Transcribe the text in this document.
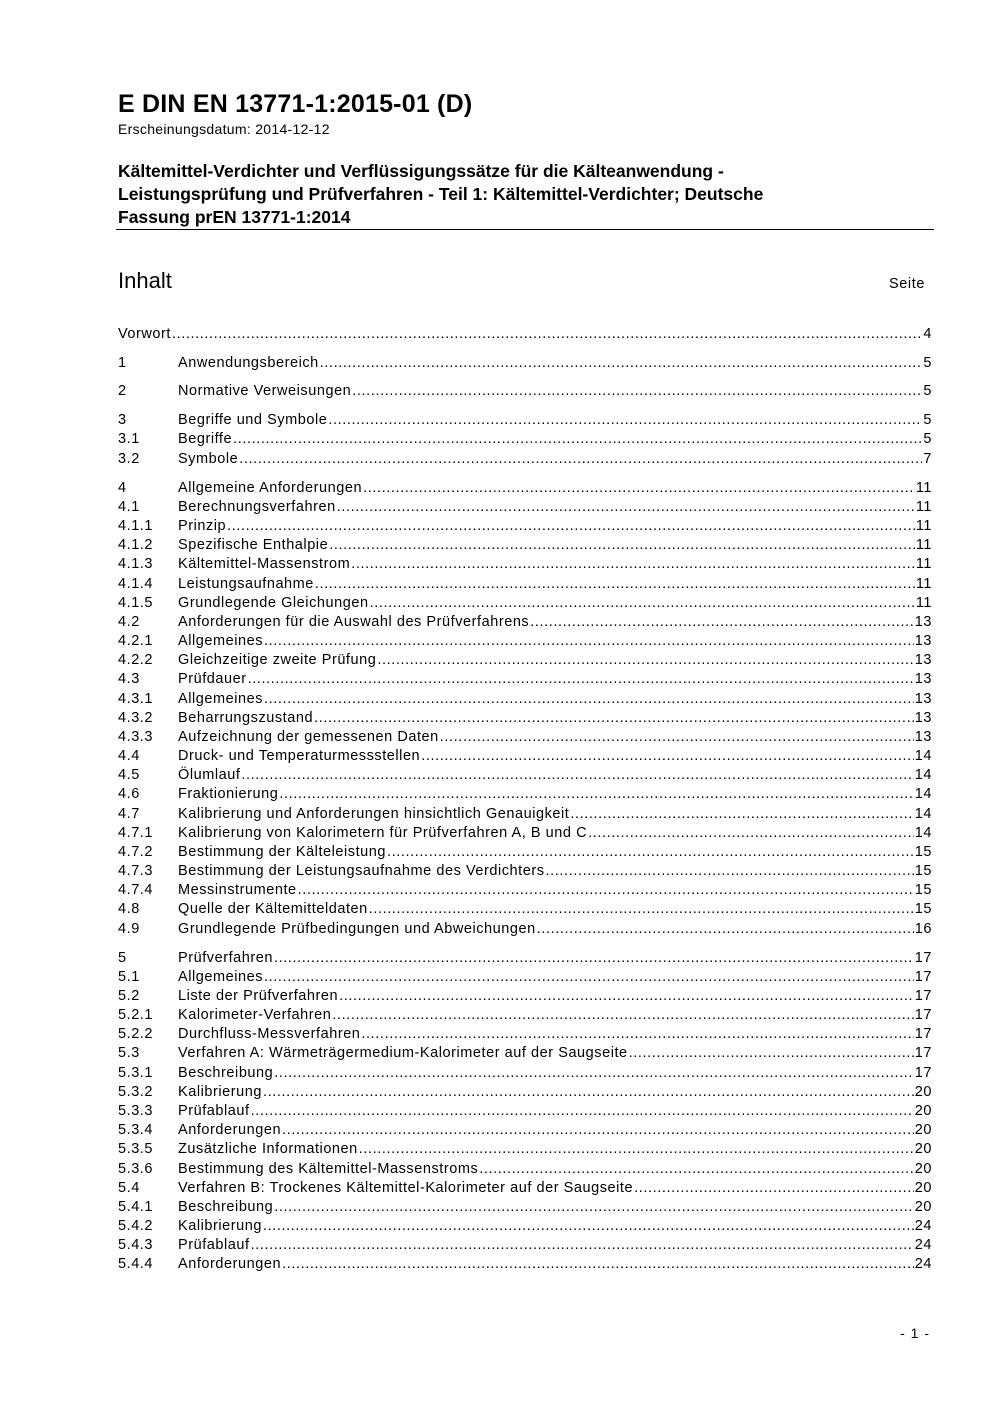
E DIN EN 13771-1:2015-01 (D)
Erscheinungsdatum: 2014-12-12
Kältemittel-Verdichter und Verflüssigungssätze für die Kälteanwendung -
Leistungsprüfung und Prüfverfahren - Teil 1: Kältemittel-Verdichter; Deutsche
Fassung prEN 13771-1:2014
Inhalt	Seite
Vorwort .....	4
1	Anwendungsbereich .....	5
2	Normative Verweisungen .....	5
3	Begriffe und Symbole .....	5
3.1	Begriffe .....	5
3.2	Symbole .....	7
4	Allgemeine Anforderungen .....	11
4.1	Berechnungsverfahren .....	11
4.1.1	Prinzip .....	11
4.1.2	Spezifische Enthalpie .....	11
4.1.3	Kältemittel-Massenstrom .....	11
4.1.4	Leistungsaufnahme .....	11
4.1.5	Grundlegende Gleichungen .....	11
4.2	Anforderungen für die Auswahl des Prüfverfahrens .....	13
4.2.1	Allgemeines .....	13
4.2.2	Gleichzeitige zweite Prüfung .....	13
4.3	Prüfdauer .....	13
4.3.1	Allgemeines .....	13
4.3.2	Beharrungszustand .....	13
4.3.3	Aufzeichnung der gemessenen Daten .....	13
4.4	Druck- und Temperaturmessstellen .....	14
4.5	Ölumlauf .....	14
4.6	Fraktionierung .....	14
4.7	Kalibrierung und Anforderungen hinsichtlich Genauigkeit .....	14
4.7.1	Kalibrierung von Kalorimetern für Prüfverfahren A, B und C .....	14
4.7.2	Bestimmung der Kälteleistung .....	15
4.7.3	Bestimmung der Leistungsaufnahme des Verdichters .....	15
4.7.4	Messinstrumente .....	15
4.8	Quelle der Kältemitteldaten .....	15
4.9	Grundlegende Prüfbedingungen und Abweichungen .....	16
5	Prüfverfahren .....	17
5.1	Allgemeines .....	17
5.2	Liste der Prüfverfahren .....	17
5.2.1	Kalorimeter-Verfahren .....	17
5.2.2	Durchfluss-Messverfahren .....	17
5.3	Verfahren A: Wärmeträgermedium-Kalorimeter auf der Saugseite .....	17
5.3.1	Beschreibung .....	17
5.3.2	Kalibrierung .....	20
5.3.3	Prüfablauf .....	20
5.3.4	Anforderungen .....	20
5.3.5	Zusätzliche Informationen .....	20
5.3.6	Bestimmung des Kältemittel-Massenstroms .....	20
5.4	Verfahren B: Trockenes Kältemittel-Kalorimeter auf der Saugseite .....	20
5.4.1	Beschreibung .....	20
5.4.2	Kalibrierung .....	24
5.4.3	Prüfablauf .....	24
5.4.4	Anforderungen .....	24
- 1 -
